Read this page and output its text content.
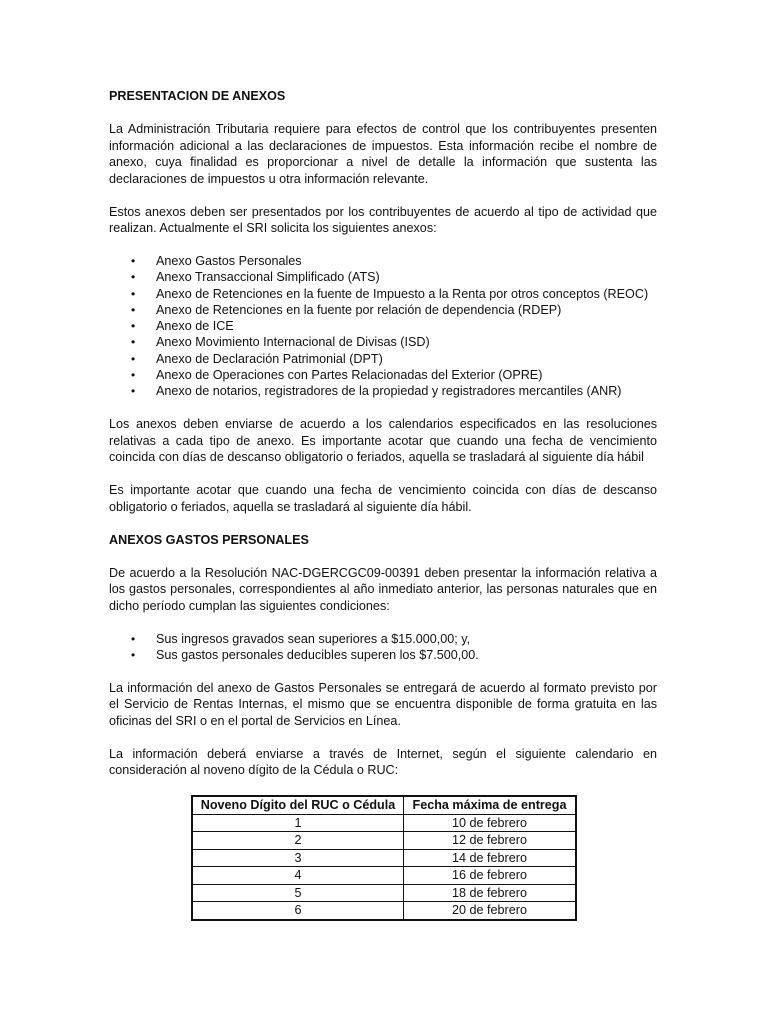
PRESENTACION DE ANEXOS

La Administración Tributaria requiere para efectos de control que los contribuyentes presenten información adicional a las declaraciones de impuestos. Esta información recibe el nombre de anexo, cuya finalidad es proporcionar a nivel de detalle la información que sustenta las declaraciones de impuestos u otra información relevante.

Estos anexos deben ser presentados por los contribuyentes de acuerdo al tipo de actividad que realizan. Actualmente el SRI solicita los siguientes anexos:

• Anexo Gastos Personales
• Anexo Transaccional Simplificado (ATS)
• Anexo de Retenciones en la fuente de Impuesto a la Renta por otros conceptos (REOC)
• Anexo de Retenciones en la fuente por relación de dependencia (RDEP)
• Anexo de ICE
• Anexo Movimiento Internacional de Divisas (ISD)
• Anexo de Declaración Patrimonial (DPT)
• Anexo de Operaciones con Partes Relacionadas del Exterior (OPRE)
• Anexo de notarios, registradores de la propiedad y registradores mercantiles (ANR)

Los anexos deben enviarse de acuerdo a los calendarios especificados en las resoluciones relativas a cada tipo de anexo. Es importante acotar que cuando una fecha de vencimiento coincida con días de descanso obligatorio o feriados, aquella se trasladará al siguiente día hábil

Es importante acotar que cuando una fecha de vencimiento coincida con días de descanso obligatorio o feriados, aquella se trasladará al siguiente día hábil.

ANEXOS GASTOS PERSONALES

De acuerdo a la Resolución NAC-DGERCGC09-00391 deben presentar la información relativa a los gastos personales, correspondientes al año inmediato anterior, las personas naturales que en dicho período cumplan las siguientes condiciones:

• Sus ingresos gravados sean superiores a $15.000,00; y,
• Sus gastos personales deducibles superen los $7.500,00.

La información del anexo de Gastos Personales se entregará de acuerdo al formato previsto por el Servicio de Rentas Internas, el mismo que se encuentra disponible de forma gratuita en las oficinas del SRI o en el portal de Servicios en Línea.

La información deberá enviarse a través de Internet, según el siguiente calendario en consideración al noveno dígito de la Cédula o RUC:

Noveno Dígito del RUC o Cédula	Fecha máxima de entrega
1	10 de febrero
2	12 de febrero
3	14 de febrero
4	16 de febrero
5	18 de febrero
6	20 de febrero
